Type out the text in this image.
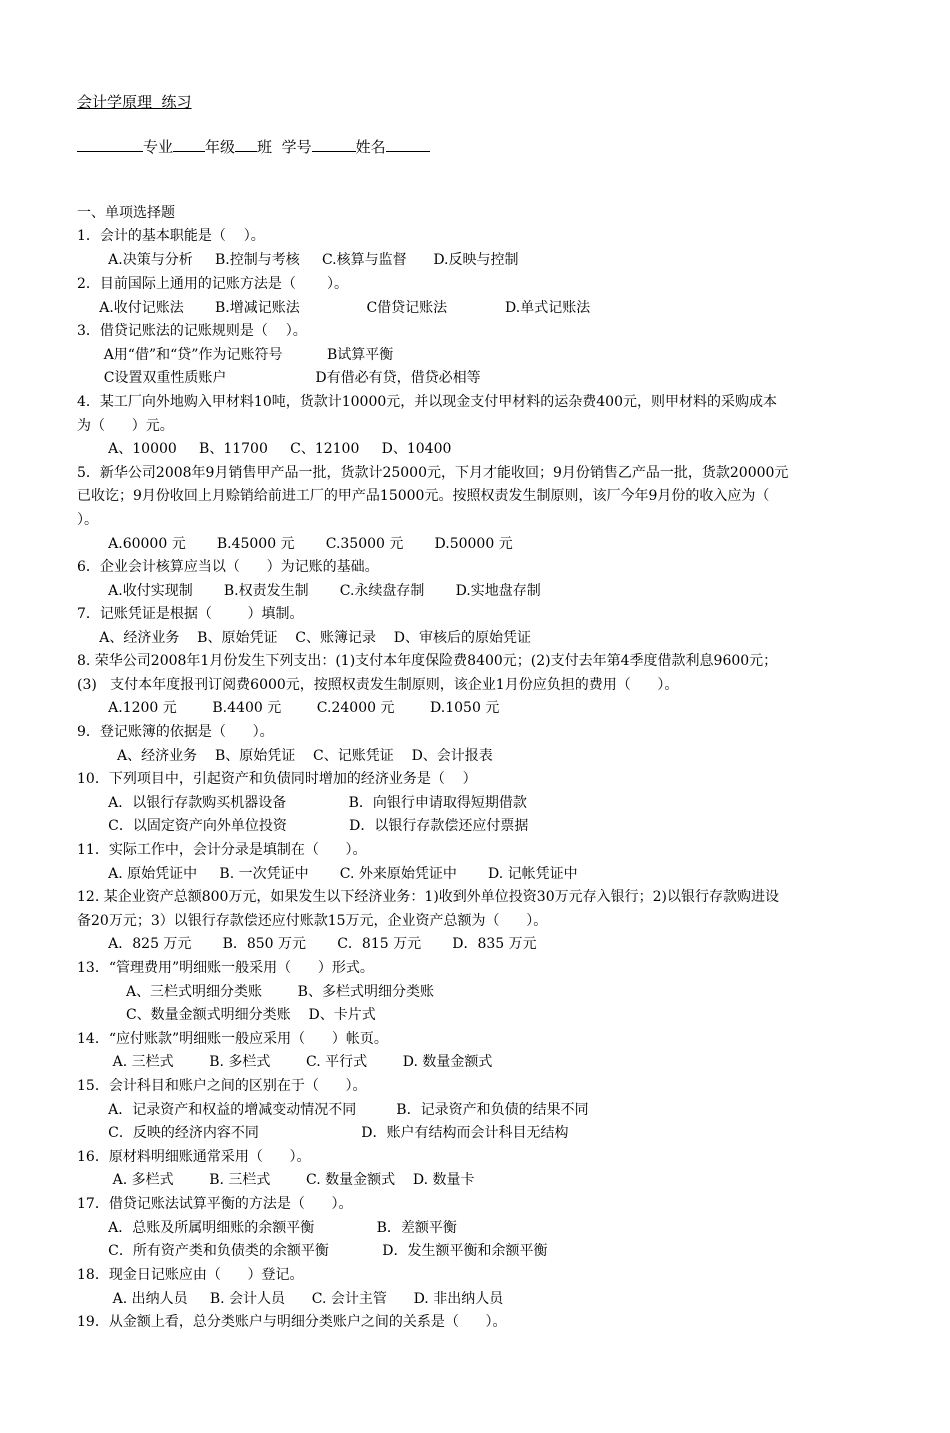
会计学原理  练习
专业 年级 班  学号	姓名
一、单项选择题
1．会计的基本职能是（    ）。
A.决策与分析     B.控制与考核     C.核算与监督      D.反映与控制
2．目前国际上通用的记账方法是（       ）。
A.收付记账法       B.增减记账法               C借贷记账法             D.单式记账法
3．借贷记账法的记账规则是（    ）。
A用“借”和“贷”作为记账符号          B试算平衡
C设置双重性质账户                    D有借必有贷，借贷必相等
4．某工厂向外地购入甲材料10吨，货款计10000元，并以现金支付甲材料的运杂费400元，则甲材料的采购成本
为（      ）元。
A、10000     B、11700     C、12100     D、10400
5．新华公司2008年9月销售甲产品一批，货款计25000元，下月才能收回；9月份销售乙产品一批，货款20000元
已收讫；9月份收回上月赊销给前进工厂的甲产品15000元。按照权责发生制原则，该厂今年9月份的收入应为（
）。
A.60000 元       B.45000 元       C.35000 元       D.50000 元
6．企业会计核算应当以（      ）为记账的基础。
A.收付实现制       B.权责发生制       C.永续盘存制       D.实地盘存制
7．记账凭证是根据（        ）填制。
A、经济业务    B、原始凭证    C、账簿记录    D、审核后的原始凭证
8. 荣华公司2008年1月份发生下列支出：(1)支付本年度保险费8400元；(2)支付去年第4季度借款利息9600元；
(3)   支付本年度报刊订阅费6000元，按照权责发生制原则，该企业1月份应负担的费用（      ）。
A.1200 元        B.4400 元        C.24000 元        D.1050 元
9．登记账簿的依据是（      ）。
A、经济业务    B、原始凭证    C、记账凭证    D、会计报表
10．下列项目中，引起资产和负债同时增加的经济业务是（    ）
A．以银行存款购买机器设备              B．向银行申请取得短期借款
C．以固定资产向外单位投资              D．以银行存款偿还应付票据
11．实际工作中，会计分录是填制在（      ）。
A. 原始凭证中     B. 一次凭证中       C. 外来原始凭证中       D. 记帐凭证中
12. 某企业资产总额800万元，如果发生以下经济业务：1)收到外单位投资30万元存入银行；2)以银行存款购进设
备20万元；3）以银行存款偿还应付账款15万元，企业资产总额为（      ）。
A．825 万元       B．850 万元       C．815 万元       D．835 万元
13．“管理费用”明细账一般采用（      ）形式。
A、三栏式明细分类账        B、多栏式明细分类账
C、数量金额式明细分类账    D、卡片式
14．“应付账款”明细账一般应采用（      ）帐页。
A. 三栏式        B. 多栏式        C. 平行式        D. 数量金额式
15．会计科目和账户之间的区别在于（      ）。
A．记录资产和权益的增减变动情况不同         B．记录资产和负债的结果不同
C．反映的经济内容不同                       D．账户有结构而会计科目无结构
16．原材料明细账通常采用（      ）。
A. 多栏式        B. 三栏式        C. 数量金额式    D. 数量卡
17．借贷记账法试算平衡的方法是（      ）。
A．总账及所属明细账的余额平衡              B．差额平衡
C．所有资产类和负债类的余额平衡            D．发生额平衡和余额平衡
18．现金日记账应由（      ）登记。
A. 出纳人员     B. 会计人员      C. 会计主管      D. 非出纳人员
19．从金额上看，总分类账户与明细分类账户之间的关系是（      ）。
